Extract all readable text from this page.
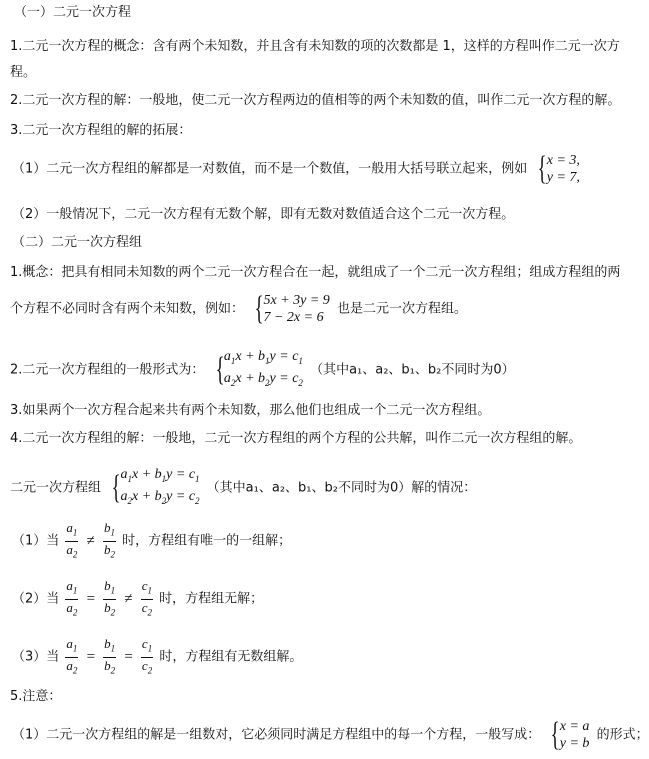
（一）二元一次方程
1.二元一次方程的概念：含有两个未知数，并且含有未知数的项的次数都是 1，这样的方程叫作二元一次方
程。
2.二元一次方程的解：一般地，使二元一次方程两边的值相等的两个未知数的值，叫作二元一次方程的解。
3.二元一次方程组的解的拓展：
（1）二元一次方程组的解都是一对数值，而不是一个数值，一般用大括号联立起来，例如 { x = 3,
y = 7,
（2）一般情况下，二元一次方程有无数个解，即有无数对数值适合这个二元一次方程。
（二）二元一次方程组
1.概念：把具有相同未知数的两个二元一次方程合在一起，就组成了一个二元一次方程组；组成方程组的两
个方程不必同时含有两个未知数，例如： { 5x + 3y = 9
7 − 2x = 6
也是二元一次方程组。
2.二元一次方程组的一般形式为： { $a_1x + b_1y = c_1$
$a_2x + b_2y = c_2$
（其中a₁、a₂、b₁、b₂不同时为0）
3.如果两个一次方程合起来共有两个未知数，那么他们也组成一个二元一次方程组。
4.二元一次方程组的解：一般地，二元一次方程组的两个方程的公共解，叫作二元一次方程组的解。
二元一次方程组 { $a_1x + b_1y = c_1$
$a_2x + b_2y = c_2$
（其中a₁、a₂、b₁、b₂不同时为0）解的情况：
（1）当 $\frac{a_1}{a_2} \ne \frac{b_1}{b_2}$ 时，方程组有唯一的一组解；
（2）当 $\frac{a_1}{a_2} = \frac{b_1}{b_2} \ne \frac{c_1}{c_2}$ 时，方程组无解；
（3）当 $\frac{a_1}{a_2} = \frac{b_1}{b_2} = \frac{c_1}{c_2}$ 时，方程组有无数组解。
5.注意：
（1）二元一次方程组的解是一组数对，它必须同时满足方程组中的每一个方程，一般写成： { x = a
y = b
的形式；
